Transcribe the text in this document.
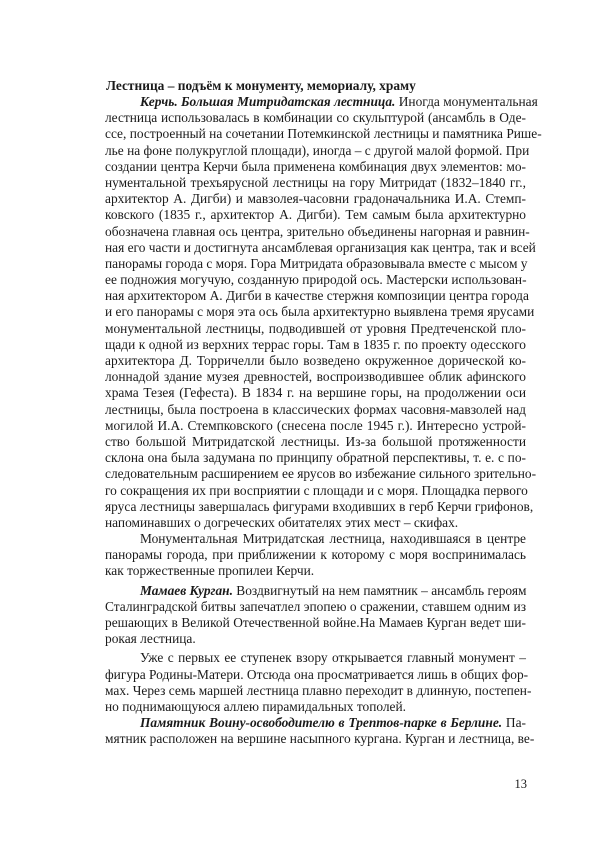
Лестница – подъём к монументу, мемориалу, храму
Керчь. Большая Митридатская лестница. Иногда монументальная
лестница использовалась в комбинации со скульптурой (ансамбль в Оде-
ссе, построенный на сочетании Потемкинской лестницы и памятника Рише-
лье на фоне полукруглой площади), иногда – с другой малой формой. При
создании центра Керчи была применена комбинация двух элементов: мо-
нументальной трехъярусной лестницы на гору Митридат (1832–1840 гг.,
архитектор А. Дигби) и мавзолея-часовни градоначальника И.А. Стемп-
ковского (1835 г., архитектор А. Дигби). Тем самым была архитектурно
обозначена главная ось центра, зрительно объединены нагорная и равнин-
ная его части и достигнута ансамблевая организация как центра, так и всей
панорамы города с моря. Гора Митридата образовывала вместе с мысом у
ее подножия могучую, созданную природой ось. Мастерски использован-
ная архитектором А. Дигби в качестве стержня композиции центра города
и его панорамы с моря эта ось была архитектурно выявлена тремя ярусами
монументальной лестницы, подводившей от уровня Предтеченской пло-
щади к одной из верхних террас горы. Там в 1835 г. по проекту одесского
архитектора Д. Торричелли было возведено окруженное дорической ко-
лоннадой здание музея древностей, воспроизводившее облик афинского
храма Тезея (Гефеста). В 1834 г. на вершине горы, на продолжении оси
лестницы, была построена в классических формах часовня-мавзолей над
могилой И.А. Стемпковского (снесена после 1945 г.). Интересно устрой-
ство большой Митридатской лестницы. Из-за большой протяженности
склона она была задумана по принципу обратной перспективы, т. е. с по-
следовательным расширением ее ярусов во избежание сильного зрительно-
го сокращения их при восприятии с площади и с моря. Площадка первого
яруса лестницы завершалась фигурами входивших в герб Керчи грифонов,
напоминавших о догреческих обитателях этих мест – скифах.
Монументальная Митридатская лестница, находившаяся в центре
панорамы города, при приближении к которому с моря воспринималась
как торжественные пропилеи Керчи.
Мамаев Курган. Воздвигнутый на нем памятник – ансамбль героям
Сталинградской битвы запечатлел эпопею о сражении, ставшем одним из
решающих в Великой Отечественной войне.На Мамаев Курган ведет ши-
рокая лестница.
Уже с первых ее ступенек взору открывается главный монумент –
фигура Родины-Матери. Отсюда она просматривается лишь в общих фор-
мах. Через семь маршей лестница плавно переходит в длинную, постепен-
но поднимающуюся аллею пирамидальных тополей.
Памятник Воину-освободителю в Трептов-парке в Берлине. Па-
мятник расположен на вершине насыпного кургана. Курган и лестница, ве-
13
